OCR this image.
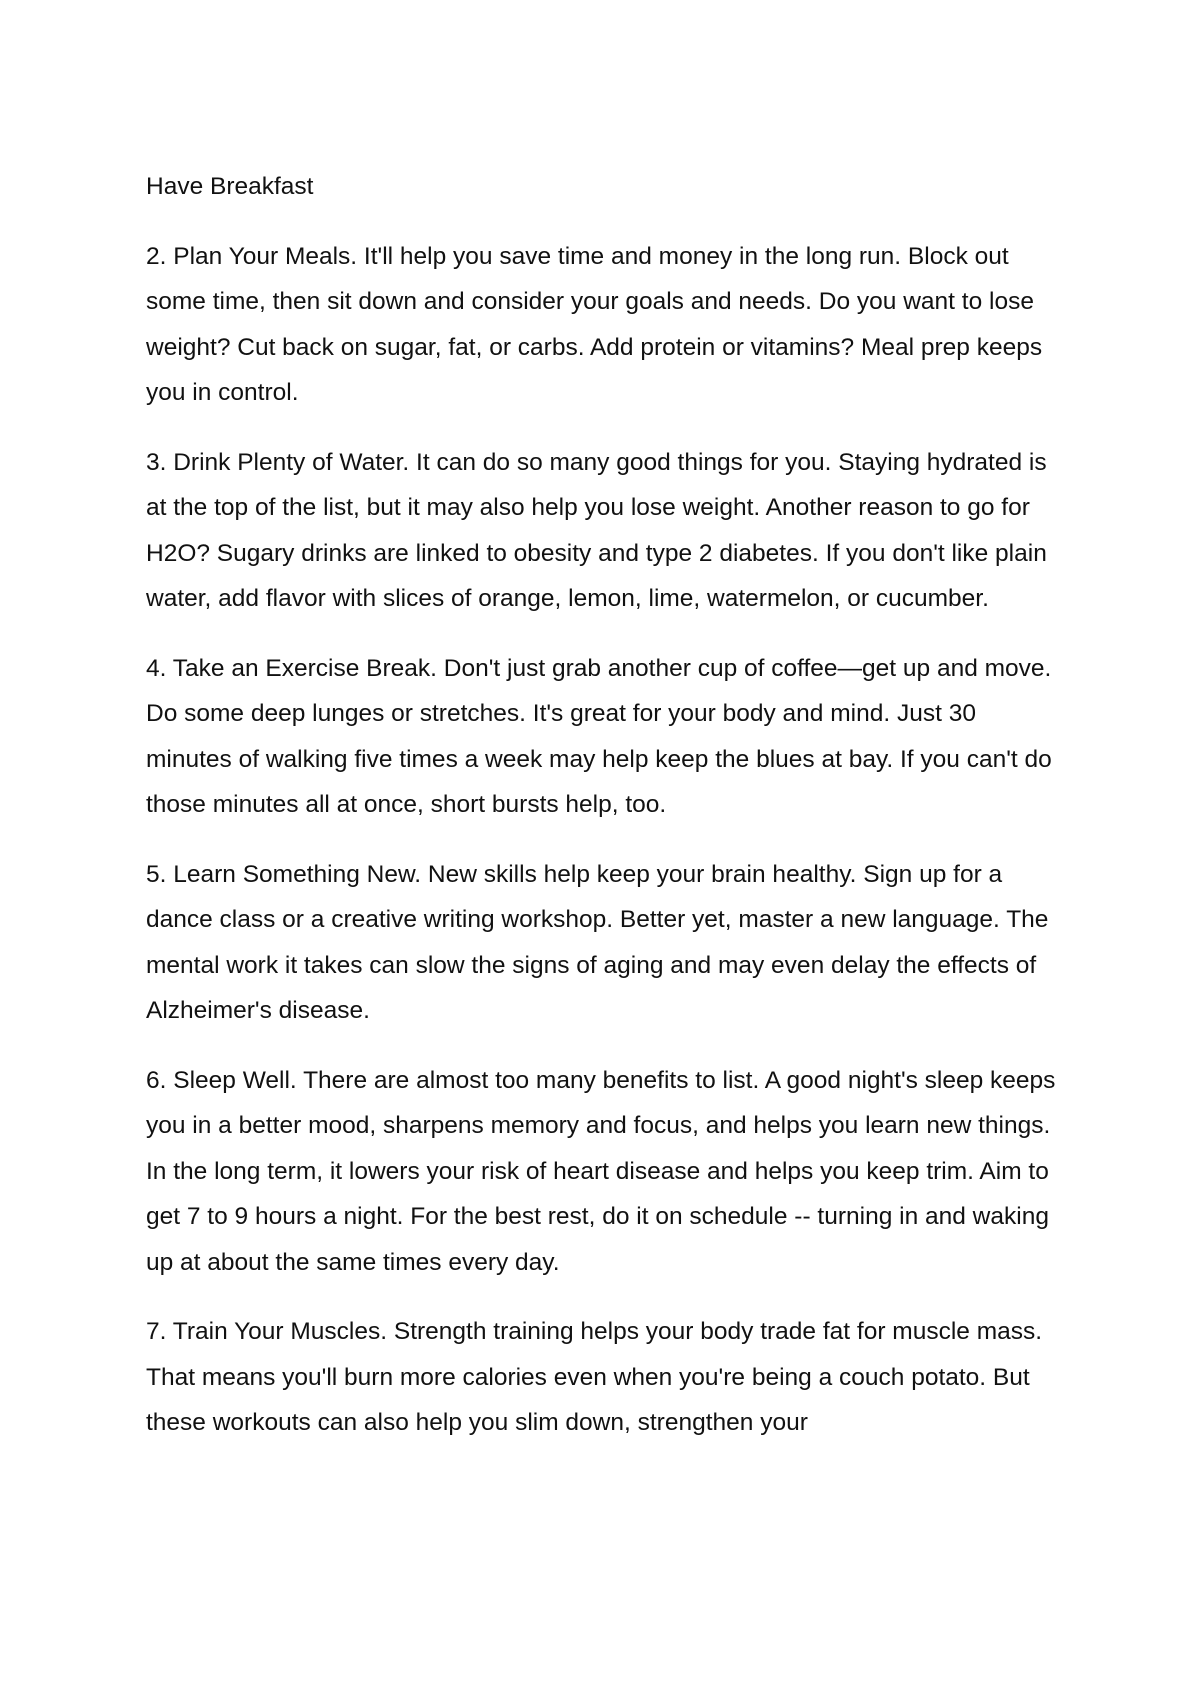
Have Breakfast

2. Plan Your Meals. It'll help you save time and money in the long run. Block out some time, then sit down and consider your goals and needs. Do you want to lose weight? Cut back on sugar, fat, or carbs. Add protein or vitamins? Meal prep keeps you in control.

3. Drink Plenty of Water. It can do so many good things for you. Staying hydrated is at the top of the list, but it may also help you lose weight. Another reason to go for H2O? Sugary drinks are linked to obesity and type 2 diabetes. If you don't like plain water, add flavor with slices of orange, lemon, lime, watermelon, or cucumber.

4. Take an Exercise Break. Don't just grab another cup of coffee—get up and move. Do some deep lunges or stretches. It's great for your body and mind. Just 30 minutes of walking five times a week may help keep the blues at bay. If you can't do those minutes all at once, short bursts help, too.

5. Learn Something New. New skills help keep your brain healthy. Sign up for a dance class or a creative writing workshop. Better yet, master a new language. The mental work it takes can slow the signs of aging and may even delay the effects of Alzheimer's disease.

6. Sleep Well. There are almost too many benefits to list. A good night's sleep keeps you in a better mood, sharpens memory and focus, and helps you learn new things. In the long term, it lowers your risk of heart disease and helps you keep trim. Aim to get 7 to 9 hours a night. For the best rest, do it on schedule -- turning in and waking up at about the same times every day.

7. Train Your Muscles. Strength training helps your body trade fat for muscle mass. That means you'll burn more calories even when you're being a couch potato. But these workouts can also help you slim down, strengthen your
